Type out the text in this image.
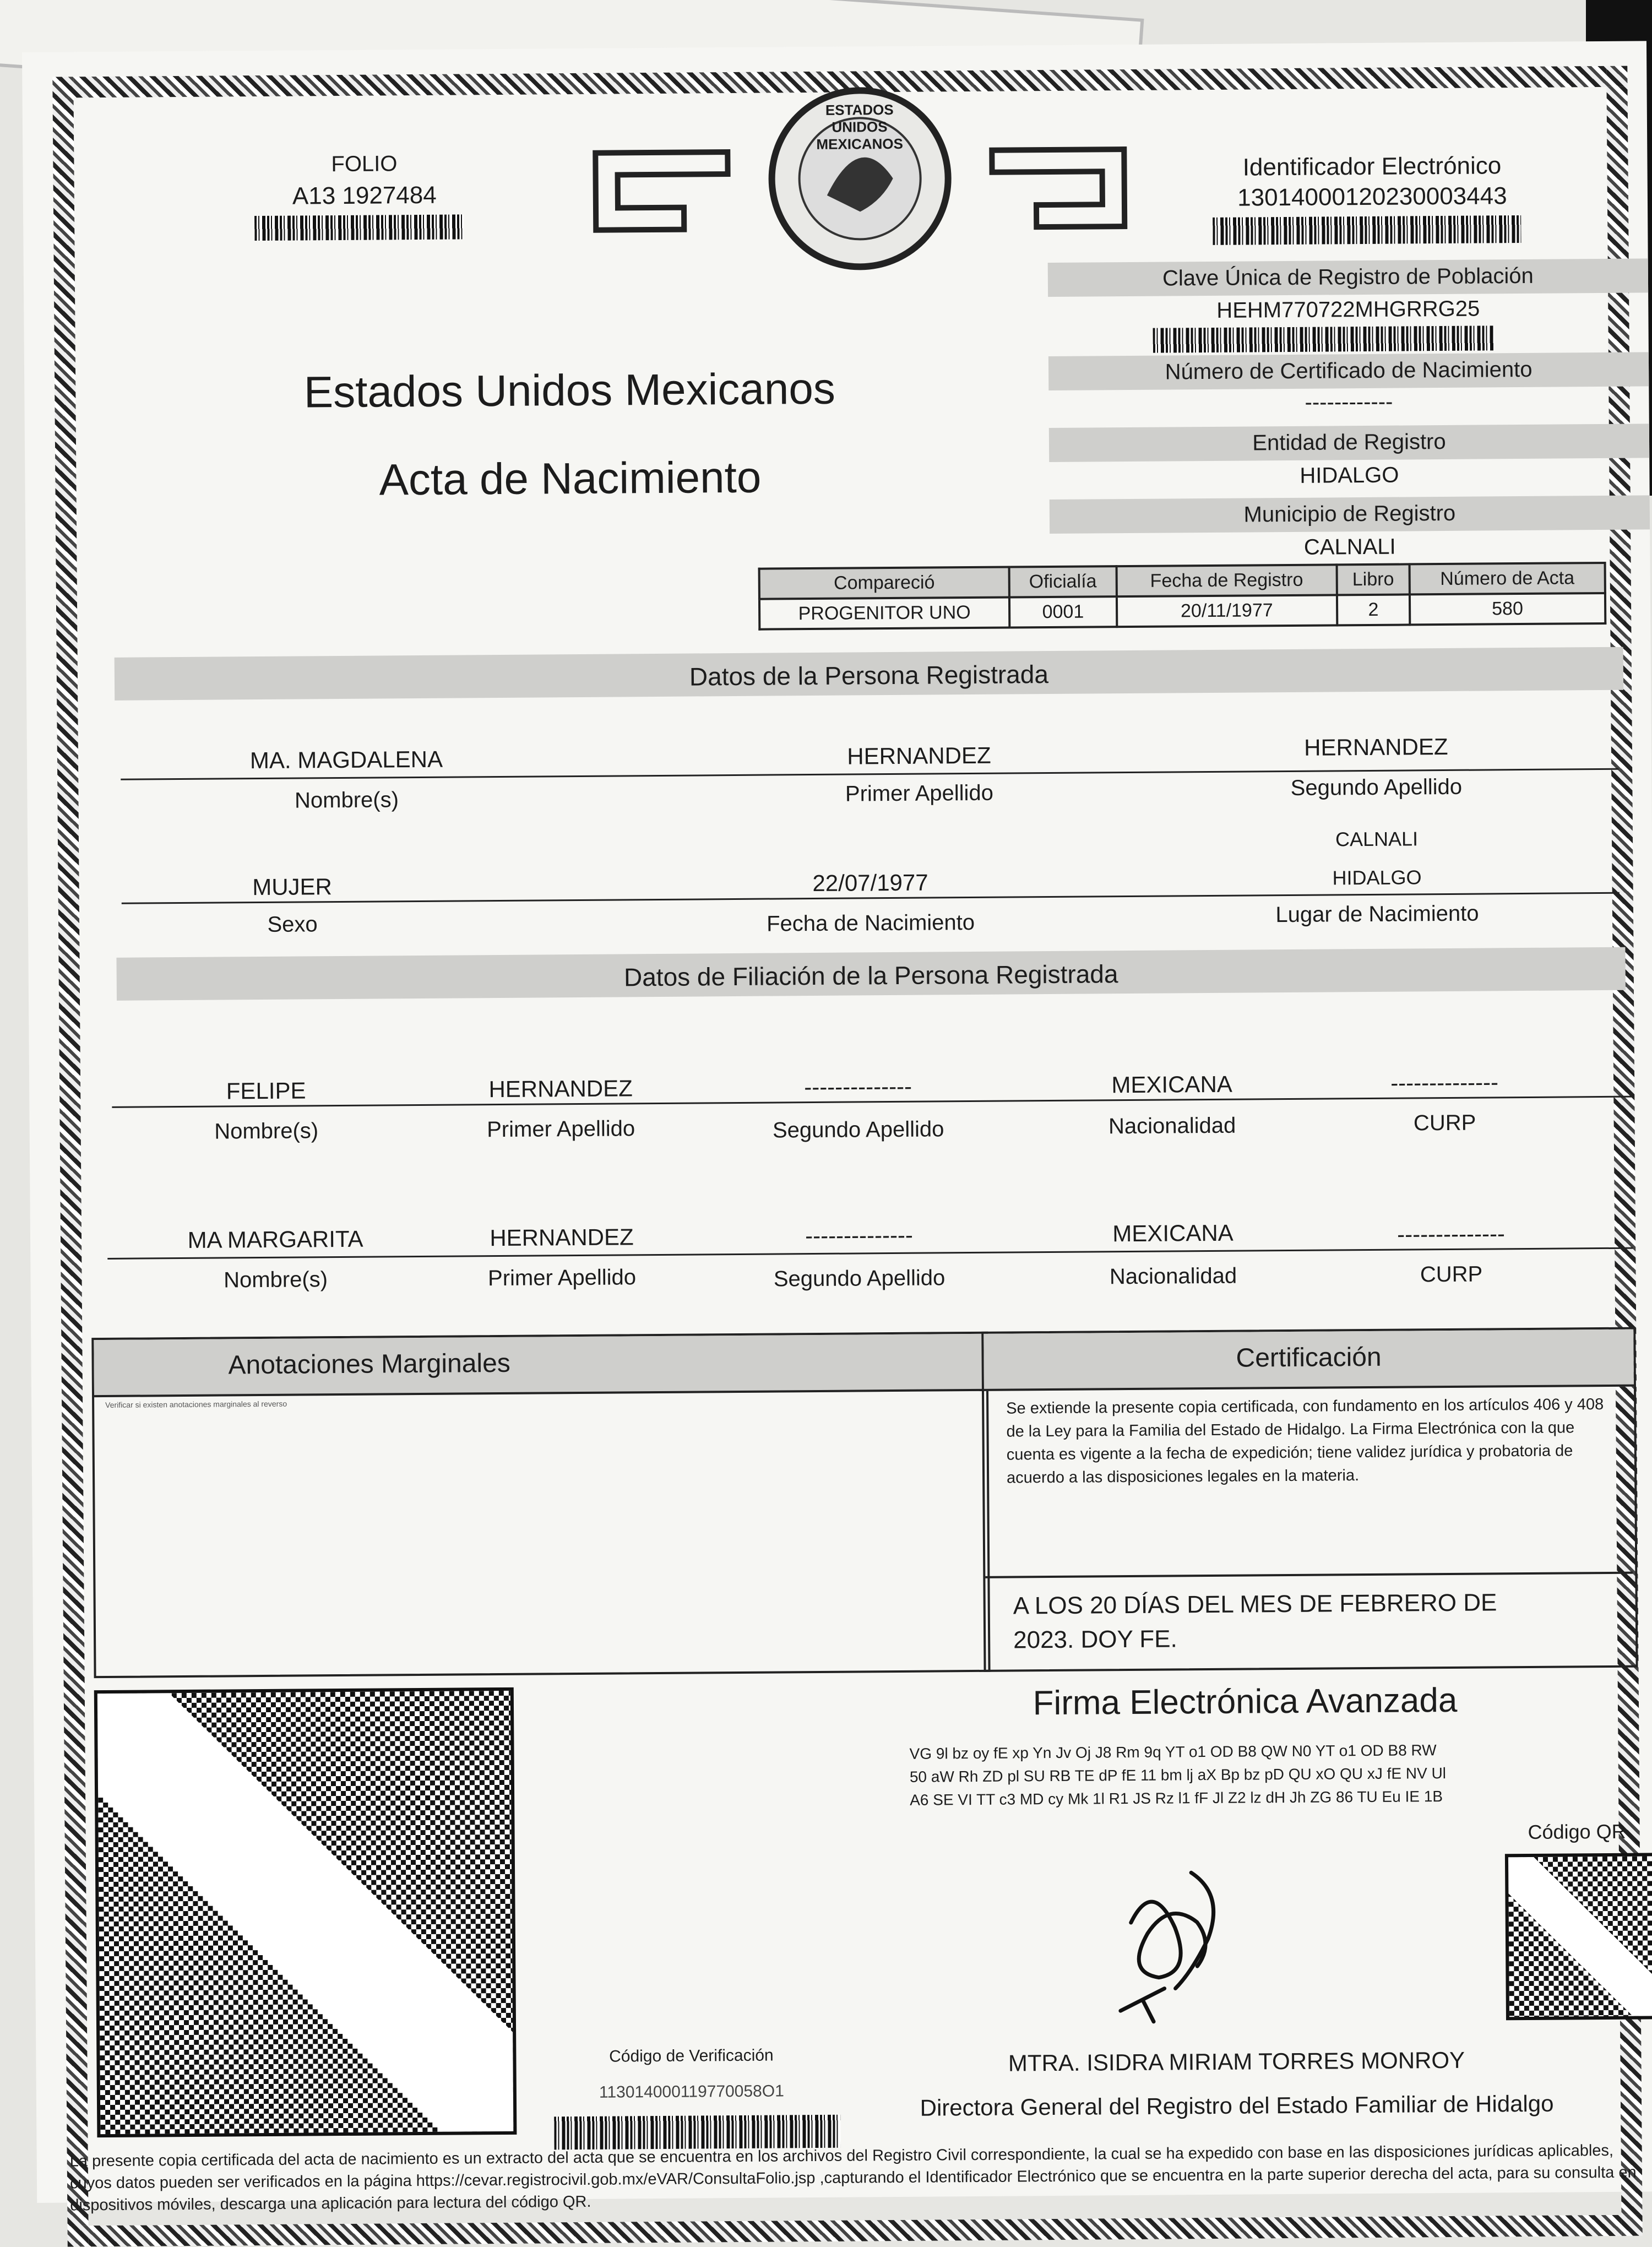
FOLIO
A13 1927484
ESTADOS UNIDOS MEXICANOS
Estados Unidos Mexicanos
Acta de Nacimiento
Identificador Electrónico
13014000120230003443
Clave Única de Registro de Población
HEHM770722MHGRRG25
Número de Certificado de Nacimiento
------------
Entidad de Registro
HIDALGO
Municipio de Registro
CALNALI
Compareció	Oficialía	Fecha de Registro	Libro	Número de Acta
PROGENITOR UNO	0001	20/11/1977	2	580
Datos de la Persona Registrada
MA. MAGDALENA	HERNANDEZ	HERNANDEZ
Nombre(s)	Primer Apellido	Segundo Apellido
CALNALI
MUJER	22/07/1977	HIDALGO
Sexo	Fecha de Nacimiento	Lugar de Nacimiento
Datos de Filiación de la Persona Registrada
FELIPE	HERNANDEZ	--------------	MEXICANA	--------------
Nombre(s)	Primer Apellido	Segundo Apellido	Nacionalidad	CURP
MA MARGARITA	HERNANDEZ	--------------	MEXICANA	--------------
Nombre(s)	Primer Apellido	Segundo Apellido	Nacionalidad	CURP
Anotaciones Marginales
Verificar si existen anotaciones marginales al reverso
Certificación
Se extiende la presente copia certificada, con fundamento en los artículos 406 y 408 de la Ley para la Familia del Estado de Hidalgo. La Firma Electrónica con la que cuenta es vigente a la fecha de expedición; tiene validez jurídica y probatoria de acuerdo a las disposiciones legales en la materia.
A LOS 20 DÍAS DEL MES DE FEBRERO DE
2023. DOY FE.
Firma Electrónica Avanzada
VG 9l bz oy fE xp Yn Jv Oj J8 Rm 9q YT o1 OD B8 QW N0 YT o1 OD B8 RW
50 aW Rh ZD pl SU RB TE dP fE 11 bm lj aX Bp bz pD QU xO QU xJ fE NV Ul
A6 SE VI TT c3 MD cy Mk 1l R1 JS Rz l1 fF Jl Z2 lz dH Jh ZG 86 TU Eu IE 1B
Código QR
MTRA. ISIDRA MIRIAM TORRES MONROY
Directora General del Registro del Estado Familiar de Hidalgo
Código de Verificación
113014000119770058O1
La presente copia certificada del acta de nacimiento es un extracto del acta que se encuentra en los archivos del Registro Civil correspondiente, la cual se ha expedido con base en las disposiciones jurídicas aplicables, cuyos datos pueden ser verificados en la página https://cevar.registrocivil.gob.mx/eVAR/ConsultaFolio.jsp ,capturando el Identificador Electrónico que se encuentra en la parte superior derecha del acta, para su consulta en dispositivos móviles, descarga una aplicación para lectura del código QR.
